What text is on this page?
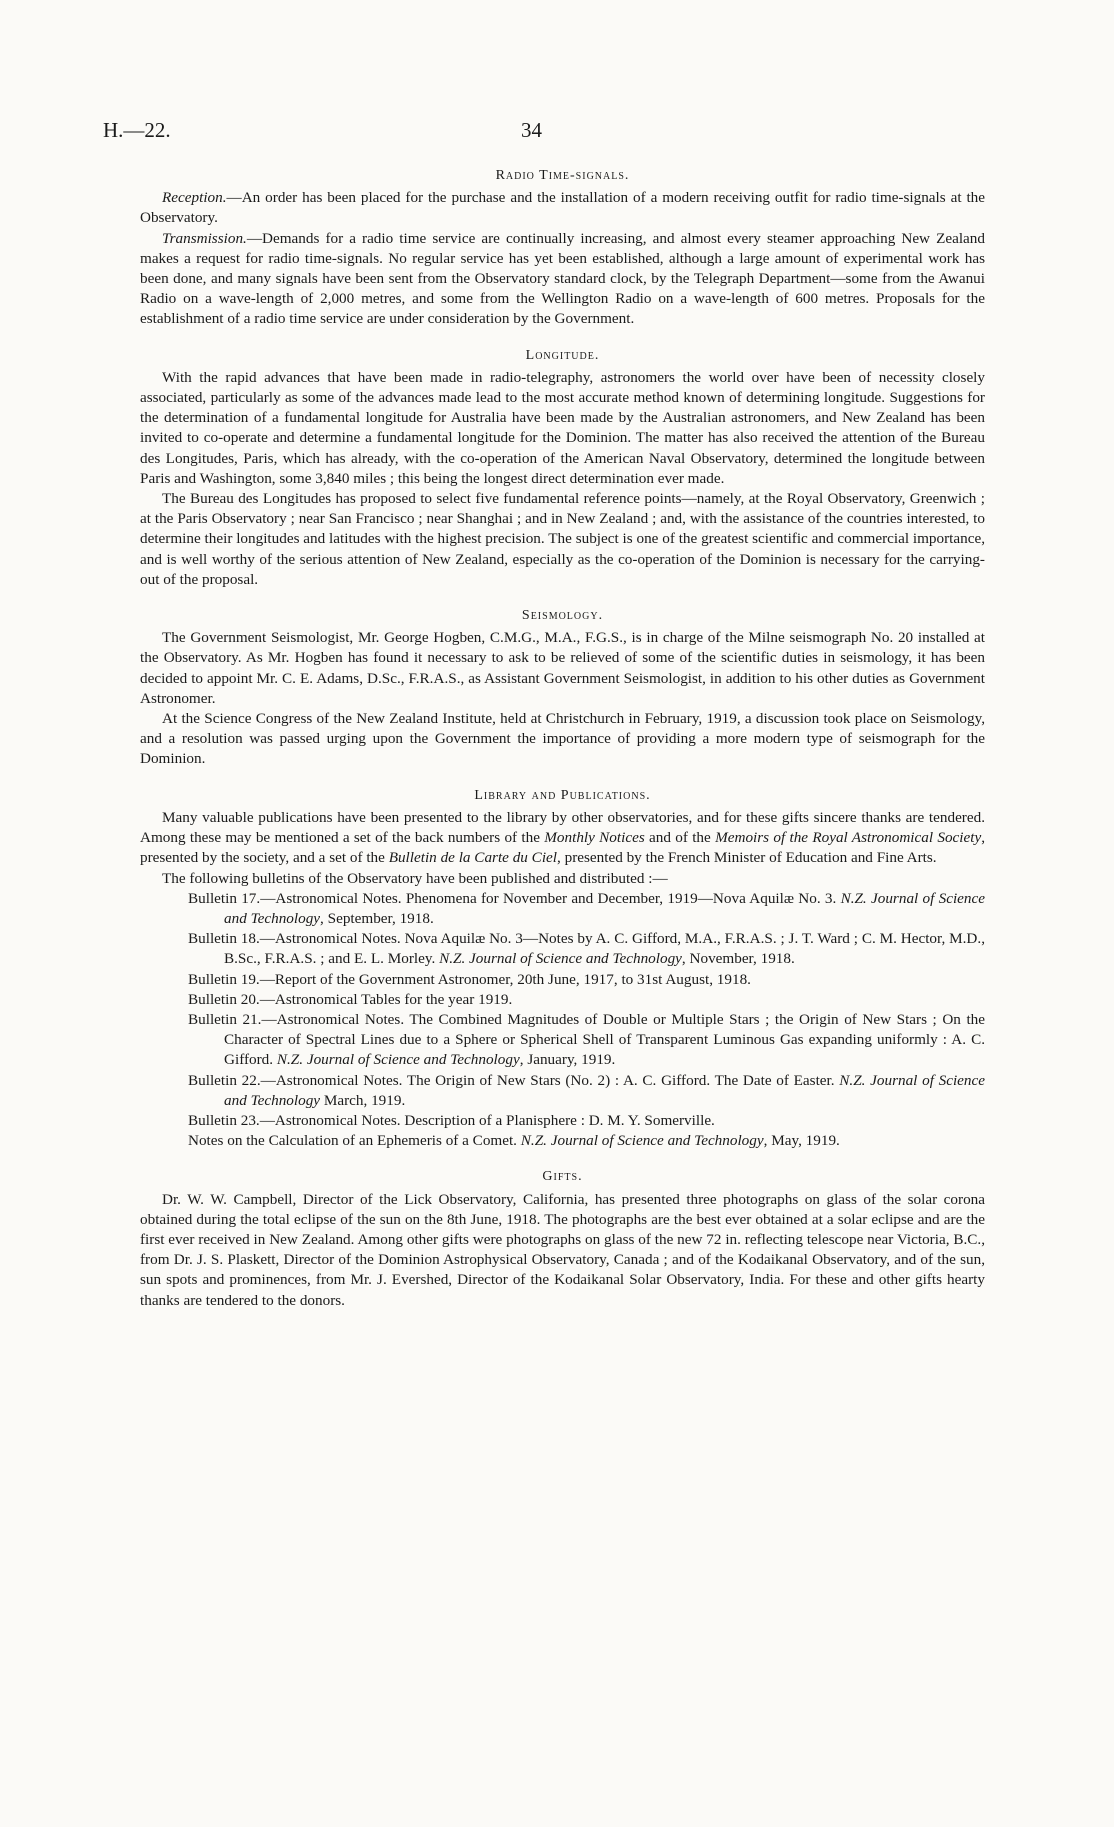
H.—22.	34
Radio Time-signals.

Reception.—An order has been placed for the purchase and the installation of a modern receiving outfit for radio time-signals at the Observatory.

Transmission.—Demands for a radio time service are continually increasing, and almost every steamer approaching New Zealand makes a request for radio time-signals. No regular service has yet been established, although a large amount of experimental work has been done, and many signals have been sent from the Observatory standard clock, by the Telegraph Department—some from the Awanui Radio on a wave-length of 2,000 metres, and some from the Wellington Radio on a wave-length of 600 metres. Proposals for the establishment of a radio time service are under consideration by the Government.

Longitude.

With the rapid advances that have been made in radio-telegraphy, astronomers the world over have been of necessity closely associated, particularly as some of the advances made lead to the most accurate method known of determining longitude. Suggestions for the determination of a fundamental longitude for Australia have been made by the Australian astronomers, and New Zealand has been invited to co-operate and determine a fundamental longitude for the Dominion. The matter has also received the attention of the Bureau des Longitudes, Paris, which has already, with the co-operation of the American Naval Observatory, determined the longitude between Paris and Washington, some 3,840 miles ; this being the longest direct determination ever made.

The Bureau des Longitudes has proposed to select five fundamental reference points—namely, at the Royal Observatory, Greenwich ; at the Paris Observatory ; near San Francisco ; near Shanghai ; and in New Zealand ; and, with the assistance of the countries interested, to determine their longitudes and latitudes with the highest precision. The subject is one of the greatest scientific and commercial importance, and is well worthy of the serious attention of New Zealand, especially as the co-operation of the Dominion is necessary for the carrying-out of the proposal.

Seismology.

The Government Seismologist, Mr. George Hogben, C.M.G., M.A., F.G.S., is in charge of the Milne seismograph No. 20 installed at the Observatory. As Mr. Hogben has found it necessary to ask to be relieved of some of the scientific duties in seismology, it has been decided to appoint Mr. C. E. Adams, D.Sc., F.R.A.S., as Assistant Government Seismologist, in addition to his other duties as Government Astronomer.

At the Science Congress of the New Zealand Institute, held at Christchurch in February, 1919, a discussion took place on Seismology, and a resolution was passed urging upon the Government the importance of providing a more modern type of seismograph for the Dominion.

Library and Publications.

Many valuable publications have been presented to the library by other observatories, and for these gifts sincere thanks are tendered. Among these may be mentioned a set of the back numbers of the Monthly Notices and of the Memoirs of the Royal Astronomical Society, presented by the society, and a set of the Bulletin de la Carte du Ciel, presented by the French Minister of Education and Fine Arts.

The following bulletins of the Observatory have been published and distributed :—

Bulletin 17.—Astronomical Notes. Phenomena for November and December, 1919—Nova Aquilæ No. 3. N.Z. Journal of Science and Technology, September, 1918.
Bulletin 18.—Astronomical Notes. Nova Aquilæ No. 3—Notes by A. C. Gifford, M.A., F.R.A.S. ; J. T. Ward ; C. M. Hector, M.D., B.Sc., F.R.A.S. ; and E. L. Morley. N.Z. Journal of Science and Technology, November, 1918.
Bulletin 19.—Report of the Government Astronomer, 20th June, 1917, to 31st August, 1918.
Bulletin 20.—Astronomical Tables for the year 1919.
Bulletin 21.—Astronomical Notes. The Combined Magnitudes of Double or Multiple Stars ; the Origin of New Stars ; On the Character of Spectral Lines due to a Sphere or Spherical Shell of Transparent Luminous Gas expanding uniformly : A. C. Gifford. N.Z. Journal of Science and Technology, January, 1919.
Bulletin 22.—Astronomical Notes. The Origin of New Stars (No. 2) : A. C. Gifford. The Date of Easter. N.Z. Journal of Science and Technology March, 1919.
Bulletin 23.—Astronomical Notes. Description of a Planisphere : D. M. Y. Somerville.
Notes on the Calculation of an Ephemeris of a Comet. N.Z. Journal of Science and Technology, May, 1919.
Gifts.

Dr. W. W. Campbell, Director of the Lick Observatory, California, has presented three photographs on glass of the solar corona obtained during the total eclipse of the sun on the 8th June, 1918. The photographs are the best ever obtained at a solar eclipse and are the first ever received in New Zealand. Among other gifts were photographs on glass of the new 72 in. reflecting telescope near Victoria, B.C., from Dr. J. S. Plaskett, Director of the Dominion Astrophysical Observatory, Canada ; and of the Kodaikanal Observatory, and of the sun, sun spots and prominences, from Mr. J. Evershed, Director of the Kodaikanal Solar Observatory, India. For these and other gifts hearty thanks are tendered to the donors.
